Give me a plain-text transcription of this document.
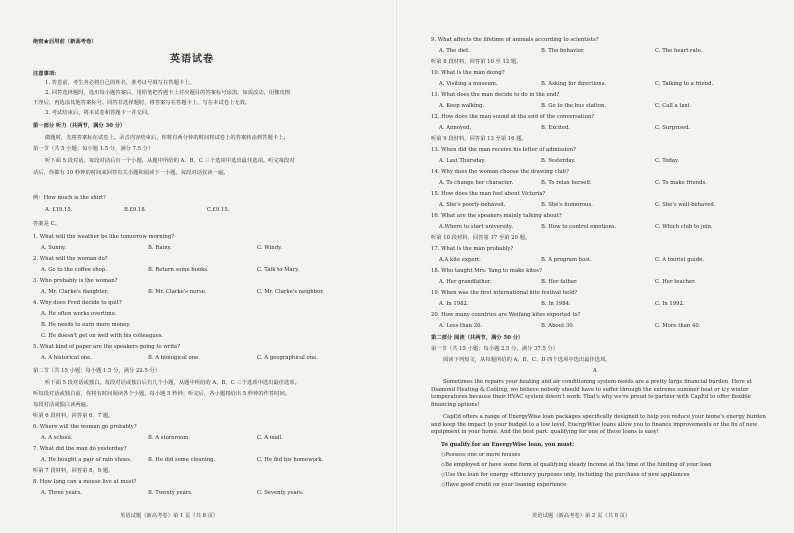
绝密★启用前（新高考卷）
英语试卷
注意事项:
1. 答卷前，考生务必将自己的姓名、准考证号填写在答题卡上。
2. 回答选择题时，选出每小题答案后，用铅笔把答题卡上对应题目的答案标号涂黑。如需改动，用橡皮擦
干净后，再选涂其他答案标号。回答非选择题时，将答案写在答题卡上，写在本试卷上无效。
3. 考试结束后，将本试卷和答题卡一并交回。
第一部分 听力（共两节，满分 30 分）
做题时，先将答案标在试卷上。录音内容结束后，你将有两分钟的时间将试卷上的答案转涂到答题卡上。
第一节（共 5 小题；每小题 1.5 分，满分 7.5 分）
听下面 5 段对话。每段对话后有一个小题，从题中所给的 A、B、C 三个选项中选出最佳选项。听完每段对
话后，你都有 10 秒钟的时间来回答有关小题和阅读下一小题。每段对话仅读一遍。
例：How much is the shirt?
A. £19.15.	B.£9.18.	C.£9.15.
答案是 C。
1. What will the weather be like tomorrow morning?
A. Sunny.	B. Rainy.	C. Windy.
2. What will the woman do?
A. Go to the coffee shop.	B. Return some books.	C. Talk to Mary.
3. Who probably is the woman?
A. Mr. Clarke's daughter.	B. Mr. Clarke's nurse.	C. Mr. Clarke's neighbor.
4. Why does Fred decide to quit?
A. He often works overtime.
B. He needs to earn more money.
C. He doesn't get on well with his colleagues.
5. What kind of paper are the speakers going to write?
A. A historical one.	B. A biological one.	C. A geographical one.
第二节（共 15 小题；每小题 1.5 分，满分 22.5 分）
听下面 5 段对话或独白。每段对话或独白后有几个小题，从题中所给的 A、B、C 三个选项中选出最佳选项。
听每段对话或独白前，你将有时间阅读各个小题，每小题 5 秒钟；听完后，各小题将给出 5 秒钟的作答时间。
每段对话或独白读两遍。
听第 6 段材料，回答第 6、7 题。
6. Where will the woman go probably?
A. A school.	B. A storeroom.	C. A mall.
7. What did the man do yesterday?
A. He bought a pair of rain shoes.	B. He did some cleaning.	C. He did his homework.
听第 7 段材料，回答第 8、9 题。
8. How long can a mouse live at most?
A. Three years.	B. Twenty years.	C. Seventy years.
英语试题（新高考卷）第 1 页（共 8 页）
9. What affects the lifetime of animals according to scientists?
A. The diet.	B. The behavior.	C. The heart rate.
听第 8 段材料，回答第 10 至 12 题。
10. What is the man doing?
A. Visiting a museum.	B. Asking for directions.	C. Talking to a friend.
11. What does the man decide to do in the end?
A. Keep walking.	B. Go to the bus station.	C. Call a taxi.
12. How does the man sound at the end of the conversation?
A. Annoyed.	B. Excited.	C. Surprised.
听第 9 段材料，回答第 13 至第 16 题。
13. When did the man receive his letter of admission?
A. Last Thursday.	B. Yesterday.	C. Today.
14. Why does the woman choose the drawing club?
A. To change her character.	B. To relax herself.	C. To make friends.
15. How does the man feel about Victoria?
A. She's poorly-behaved.	B. She's humorous.	C. She's well-behaved.
16. What are the speakers mainly talking about?
A.Where to start university.	B. How to control emotions.	C. Which club to join.
听第 10 段材料，回答第 17 至第 20 题。
17. What is the man probably?
A.A kite expert.	B. A program host.	C. A tourist guide.
18. Who taught Mrs. Yang to make kites?
A. Her grandfather.	B. Her father.	C. Her teacher.
19. When was the first international kite festival held?
A. In 1982.	B. In 1984.	C. In 1992.
20. How many countries are Weifang kites exported to?
A. Less than 20.	B. About 30.	C. More than 40.
第二部分 阅读（共两节，满分 50 分）
第一节（共 15 小题；每小题 2.5 分，满分 37.5 分）
阅读下列短文，从每题所给的 A、B、C、D 四个选项中选出最佳选项。
A
Sometimes the repairs your heating and air conditioning system needs are a pretty large financial burden. Here at Diamond Heating & Cooling, we believe nobody should have to suffer through the extreme summer heat or icy winter temperatures because their HVAC system doesn't work. That's why we're proud to partner with CapEd to offer flexible financing options!
CapEd offers a range of EnergyWise loan packages specifically designed to help you reduce your home's energy burden and keep the impact to your budget to a low level. EnergyWise loans allow you to finance improvements or the fix of new equipment in your home. And the best part: qualifying for one of these loans is easy!
To qualify for an EnergyWise loan, you must:
◇Possess one or more houses
◇Be employed or have some form of qualifying steady income at the time of the funding of your loan
◇Use the loan for energy efficiency purposes only, including the purchase of new appliances
◇Have good credit on your loaning experience
英语试题（新高考卷）第 2 页（共 8 页）
